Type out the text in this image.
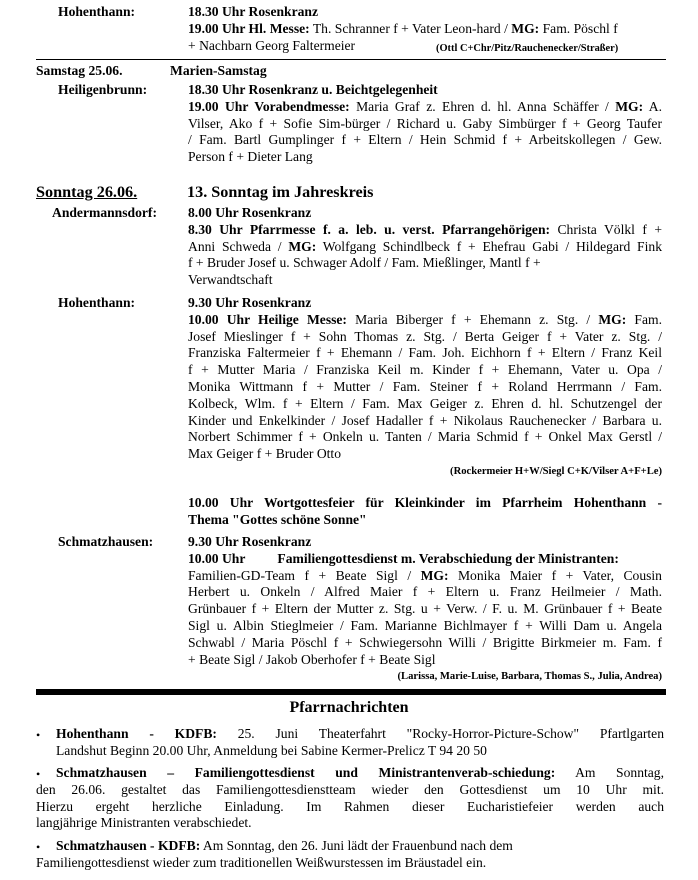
Hohenthann:	18.30 Uhr Rosenkranz
19.00 Uhr Hl. Messe: Th. Schranner f + Vater Leon-hard / MG: Fam. Pöschl f
+ Nachbarn Georg Faltermeier	(Ottl C+Chr/Pitz/Rauchenecker/Straßer)
Samstag 25.06.	Marien-Samstag
Heiligenbrunn:	18.30 Uhr Rosenkranz u. Beichtgelegenheit
19.00 Uhr Vorabendmesse: Maria Graf z. Ehren d. hl. Anna Schäffer / MG: A.
Vilser, Ako f + Sofie Sim-bürger / Richard u. Gaby Simbürger f + Georg Taufer
/ Fam. Bartl Gumplinger f + Eltern / Hein Schmid f + Arbeitskollegen / Gew.
Person f + Dieter Lang
Sonntag 26.06.	13. Sonntag im Jahreskreis
Andermannsdorf: 8.00 Uhr Rosenkranz
8.30 Uhr Pfarrmesse f. a. leb. u. verst. Pfarrangehörigen: Christa Völkl f +
Anni Schweda / MG: Wolfgang Schindlbeck f + Ehefrau Gabi / Hildegard Fink
f + Bruder Josef u. Schwager Adolf / Fam. Mießlinger, Mantl f +
Verwandtschaft
Hohenthann:	9.30 Uhr Rosenkranz
10.00 Uhr Heilige Messe: Maria Biberger f + Ehemann z. Stg. / MG: Fam.
Josef Mieslinger f + Sohn Thomas z. Stg. / Berta Geiger f + Vater z. Stg. /
Franziska Faltermeier f + Ehemann / Fam. Joh. Eichhorn f + Eltern / Franz Keil
f + Mutter Maria / Franziska Keil m. Kinder f + Ehemann, Vater u. Opa /
Monika Wittmann f + Mutter / Fam. Steiner f + Roland Herrmann / Fam.
Kolbeck, Wlm. f + Eltern / Fam. Max Geiger z. Ehren d. hl. Schutzengel der
Kinder und Enkelkinder / Josef Hadaller f + Nikolaus Rauchenecker / Barbara u.
Norbert Schimmer f + Onkeln u. Tanten / Maria Schmid f + Onkel Max Gerstl /
Max Geiger f + Bruder Otto
(Rockermeier H+W/Siegl C+K/Vilser A+F+Le)
10.00 Uhr Wortgottesfeier für Kleinkinder im Pfarrheim Hohenthann -
Thema "Gottes schöne Sonne"
Schmatzhausen:	9.30 Uhr Rosenkranz
10.00 Uhr Familiengottesdienst m. Verabschiedung der Ministranten:
Familien-GD-Team f + Beate Sigl / MG: Monika Maier f + Vater, Cousin
Herbert u. Onkeln / Alfred Maier f + Eltern u. Franz Heilmeier / Math.
Grünbauer f + Eltern der Mutter z. Stg. u + Verw. / F. u. M. Grünbauer f + Beate
Sigl u. Albin Stieglmeier / Fam. Marianne Bichlmayer f + Willi Dam u. Angela
Schwabl / Maria Pöschl f + Schwiegersohn Willi / Brigitte Birkmeier m. Fam. f
+ Beate Sigl / Jakob Oberhofer f + Beate Sigl
(Larissa, Marie-Luise, Barbara, Thomas S., Julia, Andrea)
Pfarrnachrichten
• Hohenthann - KDFB: 25. Juni Theaterfahrt "Rocky-Horror-Picture-Schow" Pfartlgarten
Landshut Beginn 20.00 Uhr, Anmeldung bei Sabine Kermer-Prelicz T 94 20 50
• Schmatzhausen – Familiengottesdienst und Ministrantenverab-schiedung: Am Sonntag,
den 26.06. gestaltet das Familiengottesdienstteam wieder den Gottesdienst um 10 Uhr mit.
Hierzu ergeht herzliche Einladung. Im Rahmen dieser Eucharistiefeier werden auch
langjährige Ministranten verabschiedet.
• Schmatzhausen - KDFB: Am Sonntag, den 26. Juni lädt der Frauenbund nach dem
Familiengottesdienst wieder zum traditionellen Weißwurstessen im Bräustadel ein.
